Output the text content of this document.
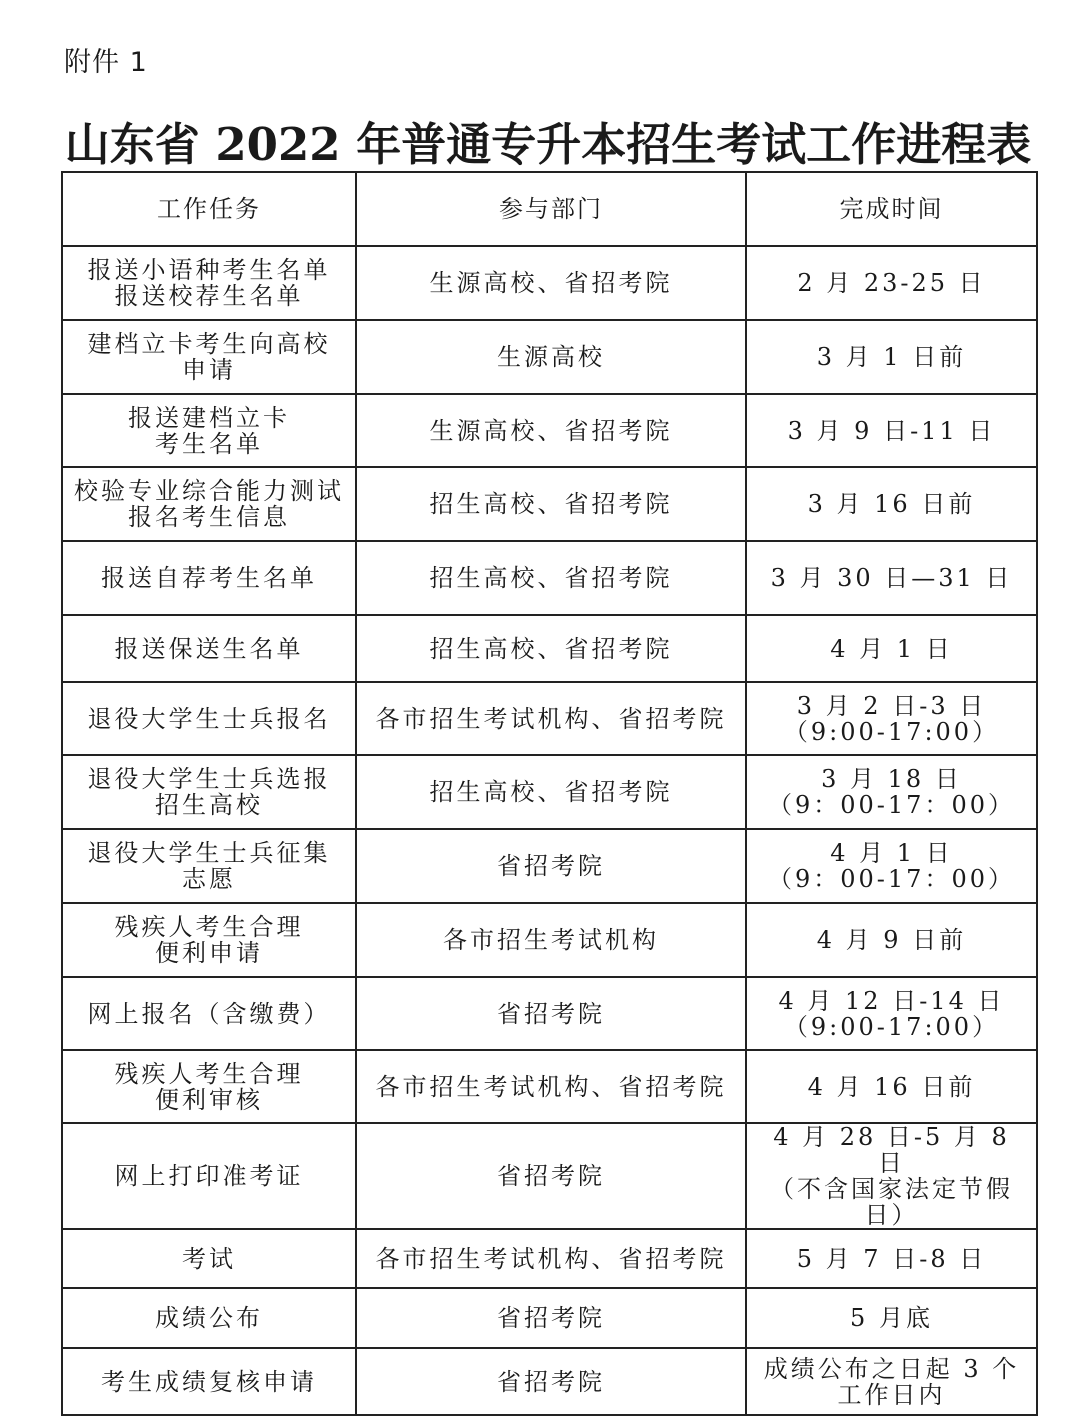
附件 1
山东省 2022 年普通专升本招生考试工作进程表
工作任务	参与部门	完成时间
报送小语种考生名单
报送校荐生名单	生源高校、省招考院	2 月 23-25 日
建档立卡考生向高校
申请	生源高校	3 月 1 日前
报送建档立卡
考生名单	生源高校、省招考院	3 月 9 日-11 日
校验专业综合能力测试
报名考生信息	招生高校、省招考院	3 月 16 日前
报送自荐考生名单	招生高校、省招考院	3 月 30 日—31 日
报送保送生名单	招生高校、省招考院	4 月 1 日
退役大学生士兵报名	各市招生考试机构、省招考院	3 月 2 日-3 日
（9:00-17:00）
退役大学生士兵选报
招生高校	招生高校、省招考院	3 月 18 日
（9：00-17：00）
退役大学生士兵征集
志愿	省招考院	4 月 1 日
（9：00-17：00）
残疾人考生合理
便利申请	各市招生考试机构	4 月 9 日前
网上报名（含缴费）	省招考院	4 月 12 日-14 日
（9:00-17:00）
残疾人考生合理
便利审核	各市招生考试机构、省招考院	4 月 16 日前
网上打印准考证	省招考院	4 月 28 日-5 月 8 日
（不含国家法定节假
日）
考试	各市招生考试机构、省招考院	5 月 7 日-8 日
成绩公布	省招考院	5 月底
考生成绩复核申请	省招考院	成绩公布之日起 3 个
工作日内
